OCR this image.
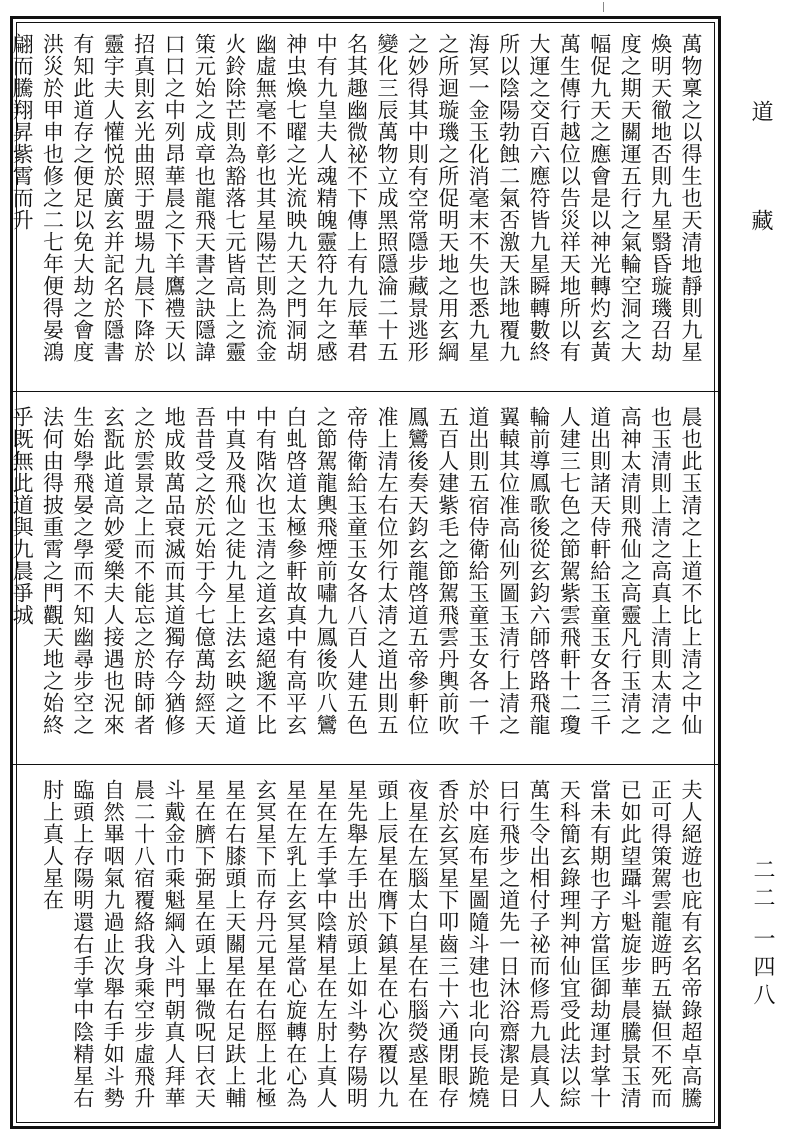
萬物稟之以得生也天清地靜則九星煥明天徹地否則九星翳昏璇璣召劫度之期天關運五行之氣輪空洞之大幅促九天之應會是以神光轉灼玄黃萬生傳行越位以告災祥天地所以有大運之交百六應符皆九星瞬轉數終所以陰陽勃蝕二氣否激天誅地覆九海冥一金玉化消毫末不失也悉九星之所迴璇璣之所促明天地之用玄綱之妙得其中則有空常隱步藏景逃形變化三辰萬物立成黑照隱淪二十五名其趣幽微祕不下傳上有九辰華君中有九皇夫人魂精魄靈符九年之感神虫煥七曜之光流映九天之門洞胡幽虛無毫不彰也其星陽芒則為流金火鈴除芒則為豁落七元皆高上之靈策元始之成章也龍飛天書之訣隱諱口口之中列昂華晨之下羊鷹禮天以招真則玄光曲照于盟場九晨下降於靈宇夫人懽悦於廣玄并記名於隱書有知此道存之便足以免大劫之會度洪災於甲申也修之二七年便得晏鴻翩而騰翔昇紫霄而升
晨也此玉清之上道不比上清之中仙也玉清則上清之高真上清則太清之高神太清則飛仙之高靈凡行玉清之道出則諸天侍軒給玉童玉女各三千人建三七色之節駕紫雲飛軒十二瓊輪前導鳳歌後從玄鈞六師啓路飛龍翼轅其位准高仙列圖玉清行上清之道出則五宿侍衛給玉童玉女各一千五百人建紫毛之節駕飛雲丹輿前吹鳳鸞後奏天鈞玄龍啓道五帝參軒位准上清左右位夘行太清之道出則五帝侍衛給玉童玉女各八百人建五色之節駕龍輿飛煙前嘯九鳳後吹八鸞白虬啓道太極參軒故真中有高平玄中有階次也玉清之道玄遠絕邈不比中真及飛仙之徒九星上法玄映之道吾昔受之於元始于今七億萬劫經天地成敗萬品衰滅而其道獨存今猶修之於雲景之上而不能忘之於時師者玄翫此道高妙愛樂夫人接遇也況來生始學飛晏之學而不知幽尋步空之法何由得披重霄之門觀天地之始終乎既無此道與九晨爭城
夫人絕遊也庇有玄名帝錄超卓高騰正可得策駕雲龍遊眄五嶽但不死而已如此望躡斗魁旋步華晨騰景玉清當未有期也子方當匡御劫運封掌十天科簡玄錄理判神仙宜受此法以綜萬生令出相付子祕而修焉九晨真人曰行飛步之道先一日沐浴齋潔是日於中庭布星圖隨斗建也北向長跪燒香於玄冥星下叩齒三十六通閉眼存夜星在左腦太白星在右腦熒惑星在頭上辰星在膺下鎮星在心次覆以九星先舉左手出於頭上如斗勢存陽明星在左手掌中陰精星在左肘上真人星在左乳上玄冥星當心旋轉在心為玄冥星下而存丹元星在右脛上北極星在右膝頭上天關星在右足趺上輔星在臍下弼星在頭上畢微呪曰衣天斗戴金巾乘魁綱入斗門朝真人拜華晨二十八宿覆絡我身乘空步虛飛升自然畢咽氣九過止次舉右手如斗勢臨頭上存陽明還右手掌中陰精星右肘上真人星在
道 藏
二二 一四八
